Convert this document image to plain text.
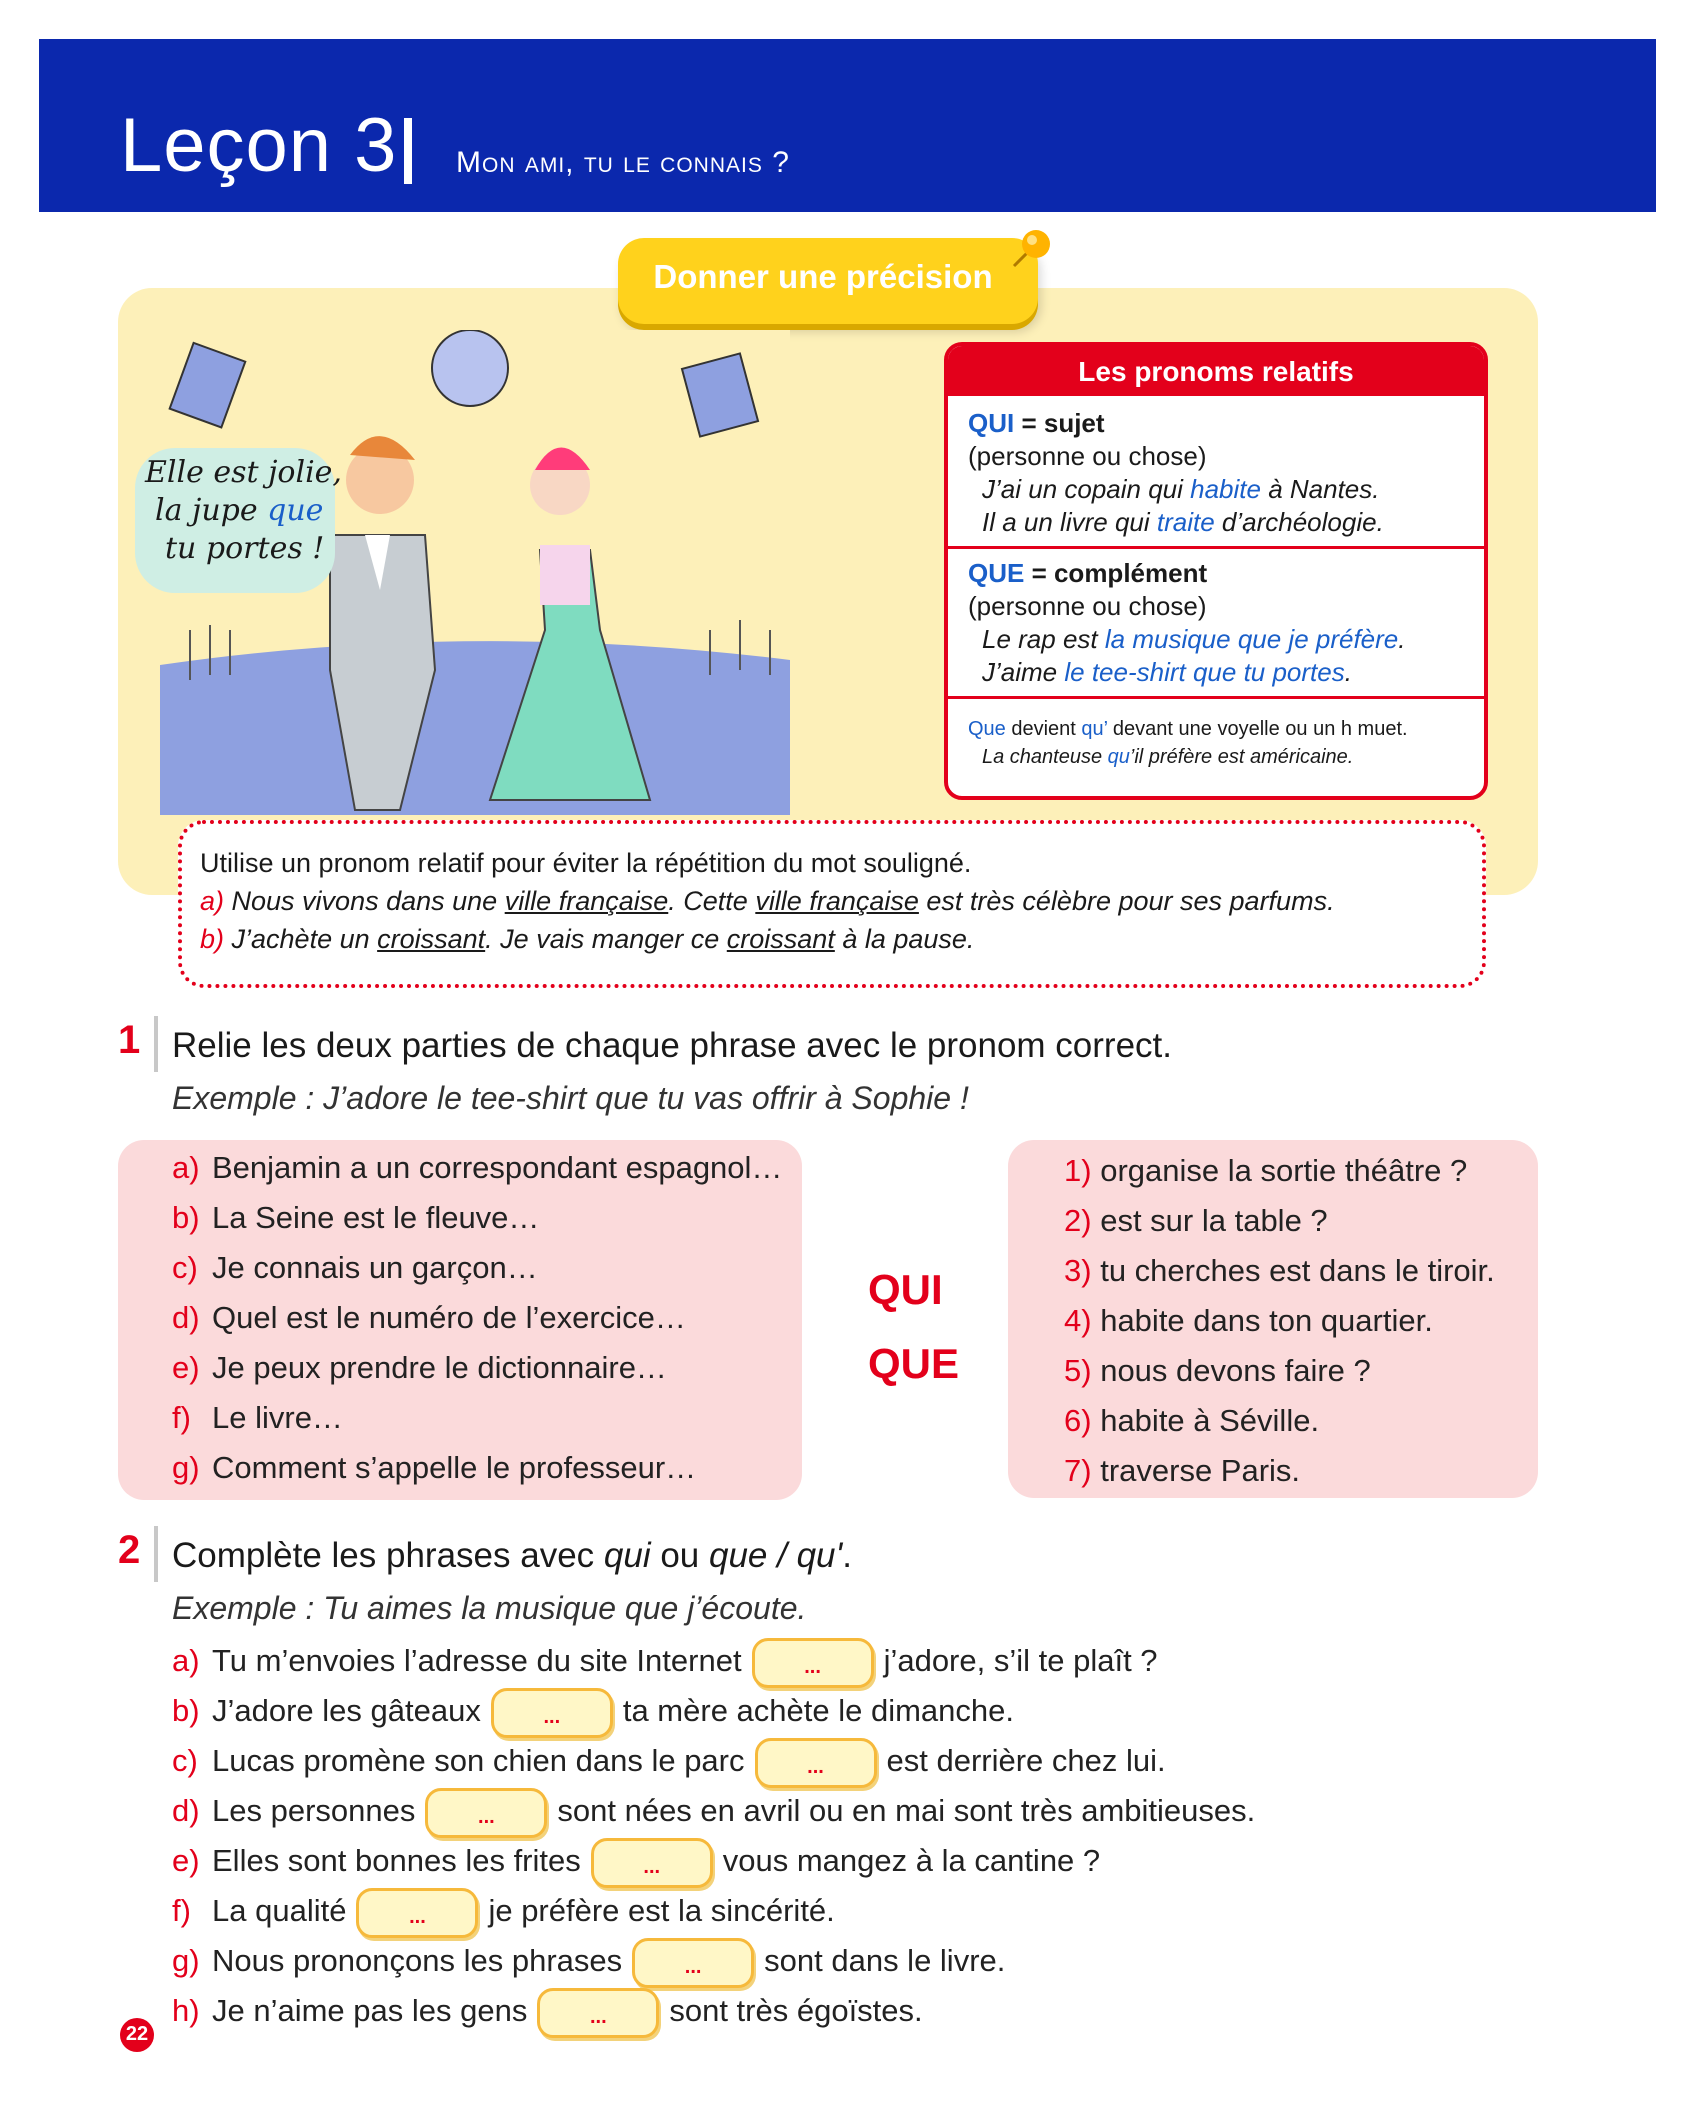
Leçon 3 Mon ami, tu le connais ?
Donner une précision
Elle est jolie,
la jupe que
tu portes !
Les pronoms relatifs
QUI = sujet
(personne ou chose)
J’ai un copain qui habite à Nantes.
Il a un livre qui traite d’archéologie.
QUE = complément
(personne ou chose)
Le rap est la musique que je préfère.
J’aime le tee-shirt que tu portes.
Que devient qu’ devant une voyelle ou un h muet.
La chanteuse qu’il préfère est américaine.
Utilise un pronom relatif pour éviter la répétition du mot souligné.
a) Nous vivons dans une ville française. Cette ville française est très célèbre pour ses parfums.
b) J’achète un croissant. Je vais manger ce croissant à la pause.
1 Relie les deux parties de chaque phrase avec le pronom correct.
Exemple : J’adore le tee-shirt que tu vas offrir à Sophie !
a) Benjamin a un correspondant espagnol…
b) La Seine est le fleuve…
c) Je connais un garçon…
d) Quel est le numéro de l’exercice…
e) Je peux prendre le dictionnaire…
f) Le livre…
g) Comment s’appelle le professeur…
QUI
QUE
1) organise la sortie théâtre ?
2) est sur la table ?
3) tu cherches est dans le tiroir.
4) habite dans ton quartier.
5) nous devons faire ?
6) habite à Séville.
7) traverse Paris.
2 Complète les phrases avec qui ou que / qu'.
Exemple : Tu aimes la musique que j’écoute.
a) Tu m’envoies l’adresse du site Internet	... j’adore, s’il te plaît ?
b) J’adore les gâteaux	... ta mère achète le dimanche.
c) Lucas promène son chien dans le parc	... est derrière chez lui.
d) Les personnes	... sont nées en avril ou en mai sont très ambitieuses.
e) Elles sont bonnes les frites	... vous mangez à la cantine ?
f) La qualité	... je préfère est la sincérité.
g) Nous prononçons les phrases	... sont dans le livre.
h) Je n’aime pas les gens	... sont très égoïstes.
22
